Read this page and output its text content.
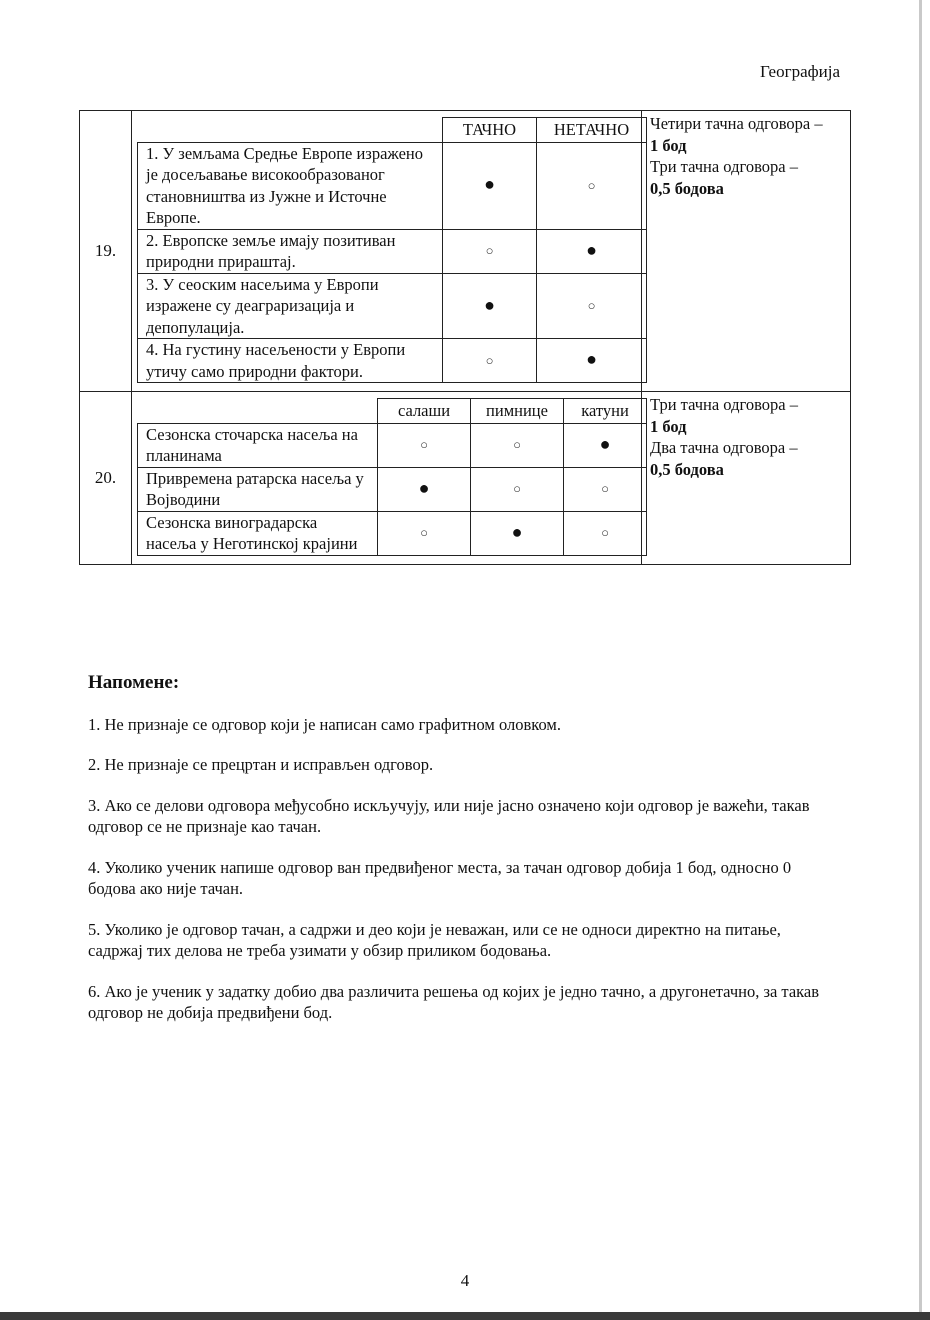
Географија
19.	
	ТАЧНО	НЕТАЧНО
1. У земљама Средње Европе изражено је досељавање високообразованог становништва из Јужне и Источне Европе.	●	○
2. Европске земље имају позитиван природни прираштај.	○	●
3. У сеоским насељима у Европи изражене су деаграризација и депопулација.	●	○
4. На густину насељености у Европи утичу само природни фактори.	○	●

Четири тачна одговора –
1 бод
Три тачна одговора –
0,5 бодова

20.	
	салаши	пимнице	катуни
Сезонска сточарска насеља на планинама	○	○	●
Привремена ратарска насеља у Војводини	●	○	○
Сезонска виноградарска насеља у Неготинској крајини	○	●	○

Три тачна одговора –
1 бод
Два тачна одговора –
0,5 бодова
Напомене:
1. Не признаје се одговор који је написан само графитном оловком.
2. Не признаје се прецртан и исправљен одговор.
3. Ако се делови одговора међусобно искључују, или није јасно означено који одговор је важећи, такав одговор се не признаје као тачан.
4. Уколико ученик напише одговор ван предвиђеног места, за тачан одговор добија 1 бод, односно 0 бодова ако није тачан.
5. Уколико је одговор тачан, а садржи и део који је неважан, или се не односи директно на питање, садржај тих делова не треба узимати у обзир приликом бодовања.
6. Ако је ученик у задатку добио два различита решења од којих је једно тачно, а другонетачно, за такав одговор не добија предвиђени бод.
4
